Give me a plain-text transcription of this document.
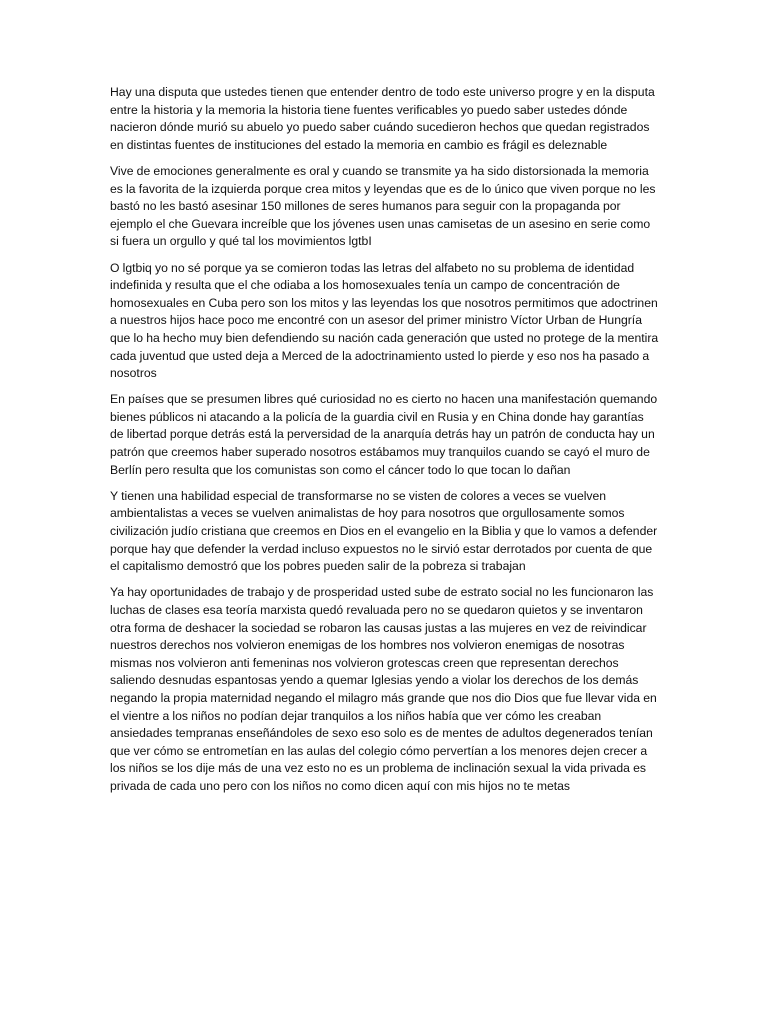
Hay una disputa que ustedes tienen que entender dentro de todo este universo progre y en la disputa entre la historia y la memoria la historia tiene fuentes verificables yo puedo saber ustedes dónde nacieron dónde murió su abuelo yo puedo saber cuándo sucedieron hechos que quedan registrados en distintas fuentes de instituciones del estado la memoria en cambio es frágil es deleznable

Vive de emociones generalmente es oral y cuando se transmite ya ha sido distorsionada la memoria es la favorita de la izquierda porque crea mitos y leyendas que es de lo único que viven porque no les bastó no les bastó asesinar 150 millones de seres humanos para seguir con la propaganda por ejemplo el che Guevara increíble que los jóvenes usen unas camisetas de un asesino en serie como si fuera un orgullo y qué tal los movimientos lgtbI

O lgtbiq yo no sé porque ya se comieron todas las letras del alfabeto no su problema de identidad indefinida y resulta que el che odiaba a los homosexuales tenía un campo de concentración de homosexuales en Cuba pero son los mitos y las leyendas los que nosotros permitimos que adoctrinen a nuestros hijos hace poco me encontré con un asesor del primer ministro Víctor Urban de Hungría que lo ha hecho muy bien defendiendo su nación cada generación que usted no protege de la mentira cada juventud que usted deja a Merced de la adoctrinamiento usted lo pierde y eso nos ha pasado a nosotros

En países que se presumen libres qué curiosidad no es cierto no hacen una manifestación quemando bienes públicos ni atacando a la policía de la guardia civil en Rusia y en China donde hay garantías de libertad porque detrás está la perversidad de la anarquía detrás hay un patrón de conducta hay un patrón que creemos haber superado nosotros estábamos muy tranquilos cuando se cayó el muro de Berlín pero resulta que los comunistas son como el cáncer todo lo que tocan lo dañan

Y tienen una habilidad especial de transformarse no se visten de colores a veces se vuelven ambientalistas a veces se vuelven animalistas de hoy para nosotros que orgullosamente somos civilización judío cristiana que creemos en Dios en el evangelio en la Biblia y que lo vamos a defender porque hay que defender la verdad incluso expuestos no le sirvió estar derrotados por cuenta de que el capitalismo demostró que los pobres pueden salir de la pobreza si trabajan

Ya hay oportunidades de trabajo y de prosperidad usted sube de estrato social no les funcionaron las luchas de clases esa teoría marxista quedó revaluada pero no se quedaron quietos y se inventaron otra forma de deshacer la sociedad se robaron las causas justas a las mujeres en vez de reivindicar nuestros derechos nos volvieron enemigas de los hombres nos volvieron enemigas de nosotras mismas nos volvieron anti femeninas nos volvieron grotescas creen que representan derechos saliendo desnudas espantosas yendo a quemar Iglesias yendo a violar los derechos de los demás negando la propia maternidad negando el milagro más grande que nos dio Dios que fue llevar vida en el vientre a los niños no podían dejar tranquilos a los niños había que ver cómo les creaban ansiedades tempranas enseñándoles de sexo eso solo es de mentes de adultos degenerados tenían que ver cómo se entrometían en las aulas del colegio cómo pervertían a los menores dejen crecer a los niños se los dije más de una vez esto no es un problema de inclinación sexual la vida privada es privada de cada uno pero con los niños no como dicen aquí con mis hijos no te metas
